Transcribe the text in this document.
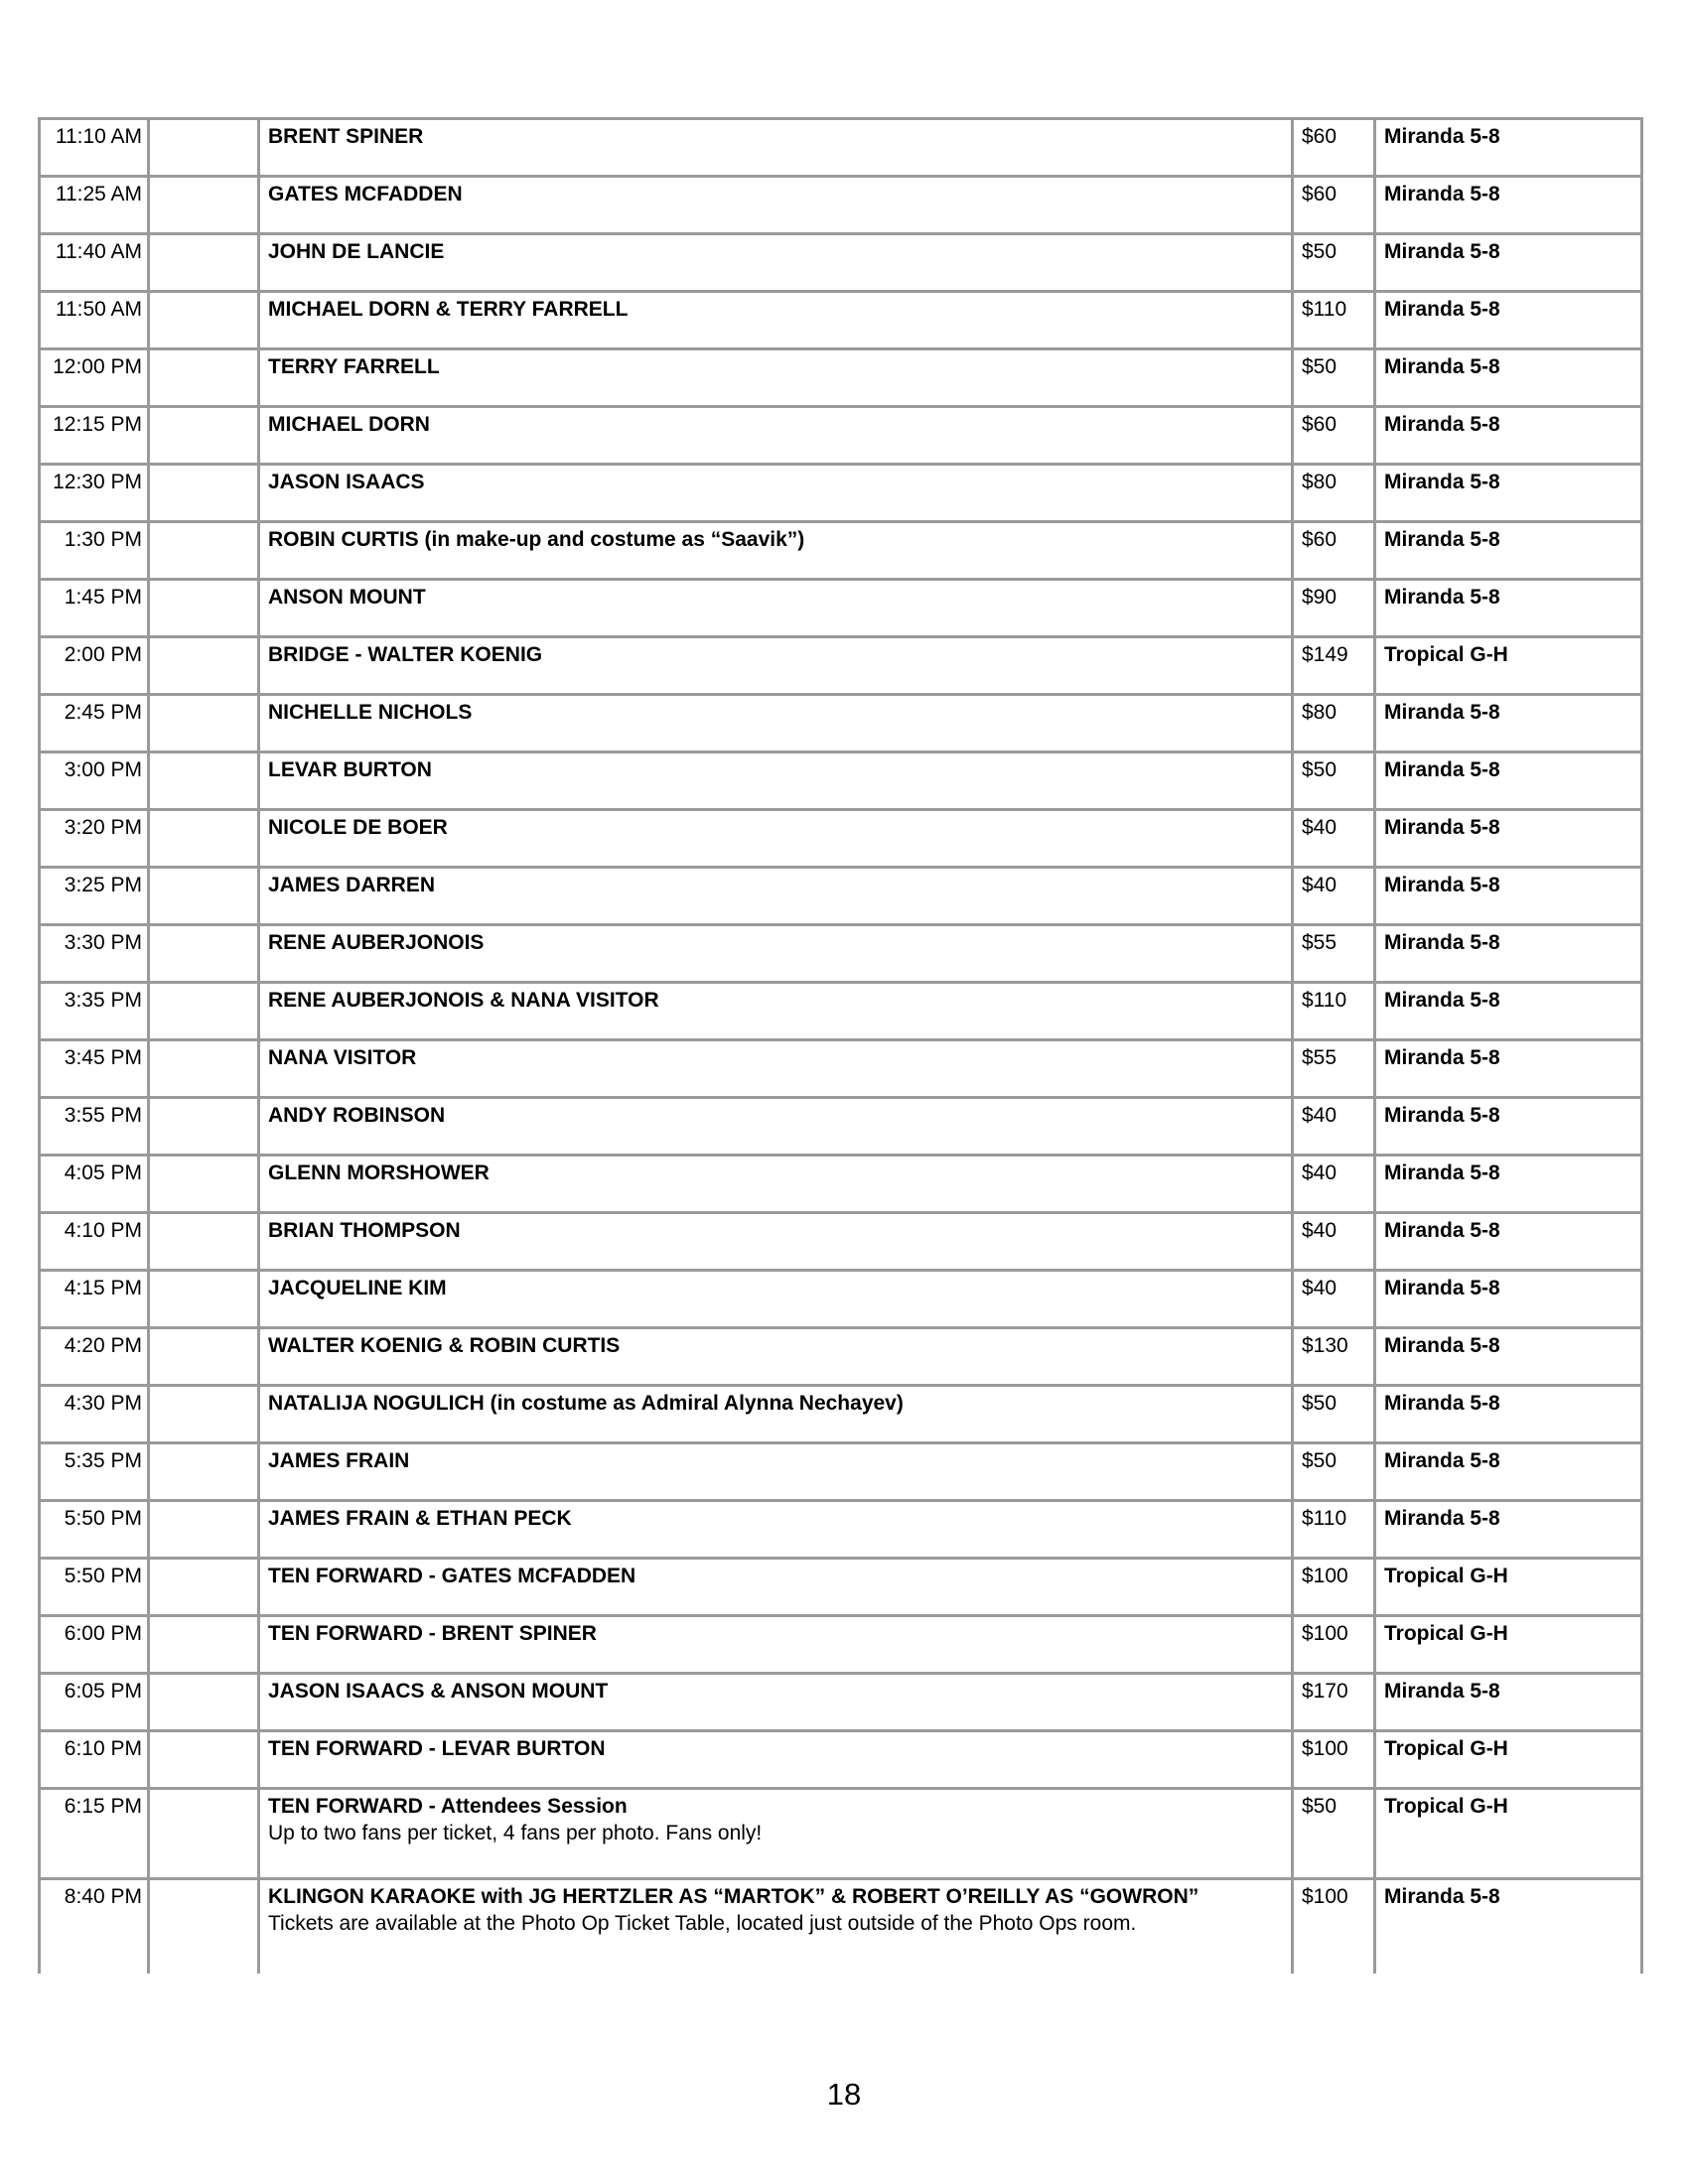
11:10 AM		BRENT SPINER	$60	Miranda 5-8
11:25 AM		GATES MCFADDEN	$60	Miranda 5-8
11:40 AM		JOHN DE LANCIE	$50	Miranda 5-8
11:50 AM		MICHAEL DORN & TERRY FARRELL	$110	Miranda 5-8
12:00 PM		TERRY FARRELL	$50	Miranda 5-8
12:15 PM		MICHAEL DORN	$60	Miranda 5-8
12:30 PM		JASON ISAACS	$80	Miranda 5-8
1:30 PM		ROBIN CURTIS (in make-up and costume as “Saavik”)	$60	Miranda 5-8
1:45 PM		ANSON MOUNT	$90	Miranda 5-8
2:00 PM		BRIDGE - WALTER KOENIG	$149	Tropical G-H
2:45 PM		NICHELLE NICHOLS	$80	Miranda 5-8
3:00 PM		LEVAR BURTON	$50	Miranda 5-8
3:20 PM		NICOLE DE BOER	$40	Miranda 5-8
3:25 PM		JAMES DARREN	$40	Miranda 5-8
3:30 PM		RENE AUBERJONOIS	$55	Miranda 5-8
3:35 PM		RENE AUBERJONOIS & NANA VISITOR	$110	Miranda 5-8
3:45 PM		NANA VISITOR	$55	Miranda 5-8
3:55 PM		ANDY ROBINSON	$40	Miranda 5-8
4:05 PM		GLENN MORSHOWER	$40	Miranda 5-8
4:10 PM		BRIAN THOMPSON	$40	Miranda 5-8
4:15 PM		JACQUELINE KIM	$40	Miranda 5-8
4:20 PM		WALTER KOENIG & ROBIN CURTIS	$130	Miranda 5-8
4:30 PM		NATALIJA NOGULICH (in costume as Admiral Alynna Nechayev)	$50	Miranda 5-8
5:35 PM		JAMES FRAIN	$50	Miranda 5-8
5:50 PM		JAMES FRAIN & ETHAN PECK	$110	Miranda 5-8
5:50 PM		TEN FORWARD - GATES MCFADDEN	$100	Tropical G-H
6:00 PM		TEN FORWARD - BRENT SPINER	$100	Tropical G-H
6:05 PM		JASON ISAACS & ANSON MOUNT	$170	Miranda 5-8
6:10 PM		TEN FORWARD - LEVAR BURTON	$100	Tropical G-H
6:15 PM		TEN FORWARD - Attendees Session
Up to two fans per ticket, 4 fans per photo. Fans only!	$50	Tropical G-H
8:40 PM		KLINGON KARAOKE with JG HERTZLER AS “MARTOK” & ROBERT O’REILLY AS “GOWRON”
Tickets are available at the Photo Op Ticket Table, located just outside of the Photo Ops room.	$100	Miranda 5-8
18
